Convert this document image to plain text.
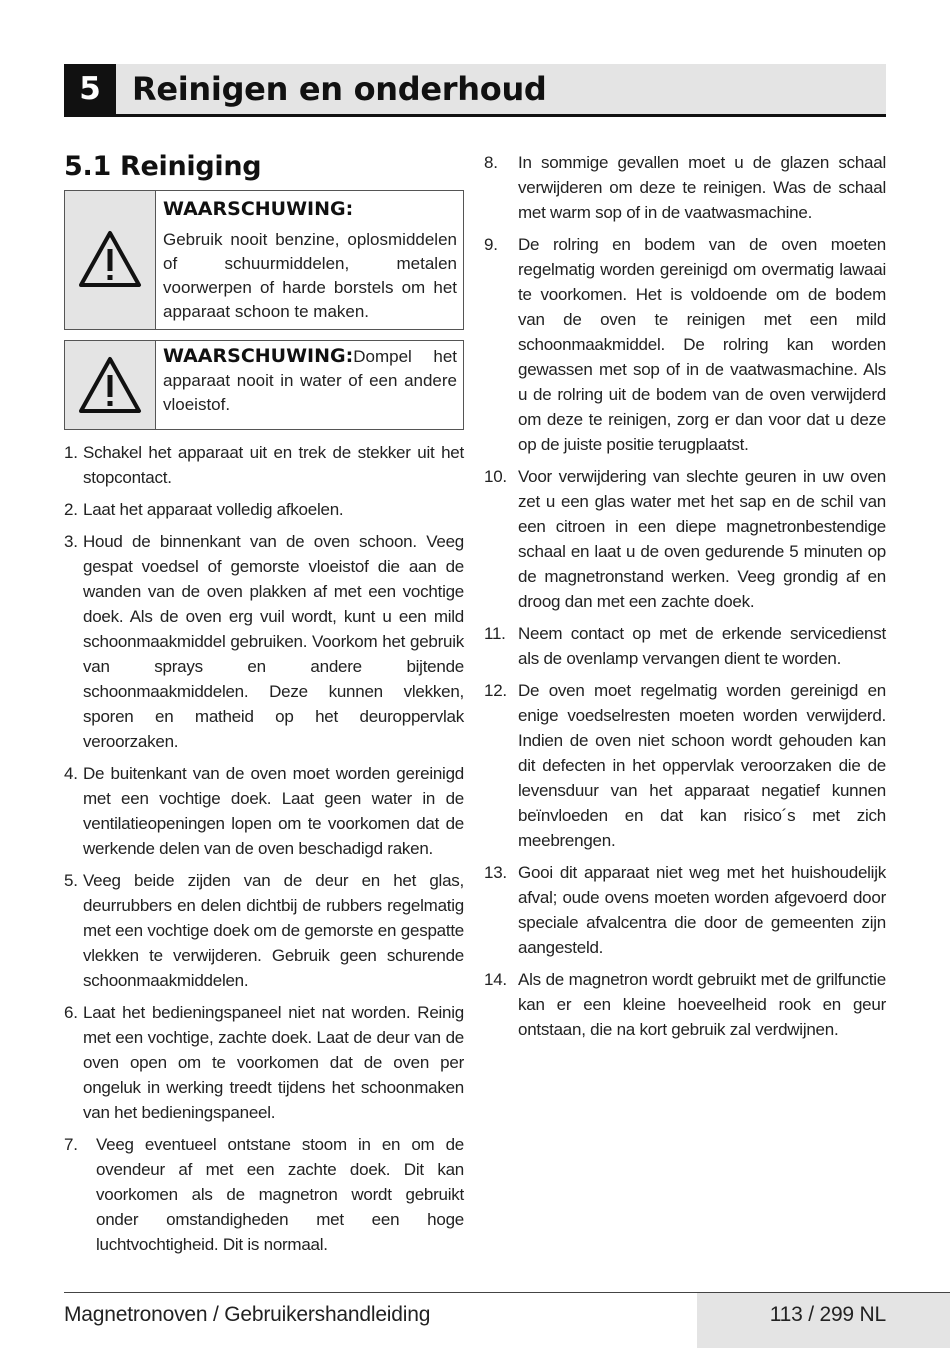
5 Reinigen en onderhoud
5.1 Reiniging
WAARSCHUWING:
Gebruik nooit benzine, oplosmiddelen of schuurmiddelen, metalen voorwerpen of harde borstels om het apparaat schoon te maken.
WAARSCHUWING:Dompel het apparaat nooit in water of een andere vloeistof.
1. Schakel het apparaat uit en trek de stekker uit het stopcontact.
2. Laat het apparaat volledig afkoelen.
3. Houd de binnenkant van de oven schoon. Veeg gespat voedsel of gemorste vloeistof die aan de wanden van de oven plakken af met een vochtige doek. Als de oven erg vuil wordt, kunt u een mild schoonmaakmiddel gebruiken. Voorkom het gebruik van sprays en andere bijtende schoonmaakmiddelen. Deze kunnen vlekken, sporen en matheid op het deuroppervlak veroorzaken.
4. De buitenkant van de oven moet worden gereinigd met een vochtige doek. Laat geen water in de ventilatieopeningen lopen om te voorkomen dat de werkende delen van de oven beschadigd raken.
5. Veeg beide zijden van de deur en het glas, deurrubbers en delen dichtbij de rubbers regelmatig met een vochtige doek om de gemorste en gespatte vlekken te verwijderen. Gebruik geen schurende schoonmaakmiddelen.
6. Laat het bedieningspaneel niet nat worden. Reinig met een vochtige, zachte doek. Laat de deur van de oven open om te voorkomen dat de oven per ongeluk in werking treedt tijdens het schoonmaken van het bedieningspaneel.
7. Veeg eventueel ontstane stoom in en om de ovendeur af met een zachte doek. Dit kan voorkomen als de magnetron wordt gebruikt onder omstandigheden met een hoge luchtvochtigheid. Dit is normaal.
8. In sommige gevallen moet u de glazen schaal verwijderen om deze te reinigen. Was de schaal met warm sop of in de vaatwasmachine.
9. De rolring en bodem van de oven moeten regelmatig worden gereinigd om overmatig lawaai te voorkomen. Het is voldoende om de bodem van de oven te reinigen met een mild schoonmaakmiddel. De rolring kan worden gewassen met sop of in de vaatwasmachine. Als u de rolring uit de bodem van de oven verwijderd om deze te reinigen, zorg er dan voor dat u deze op de juiste positie terugplaatst.
10. Voor verwijdering van slechte geuren in uw oven zet u een glas water met het sap en de schil van een citroen in een diepe magnetronbestendige schaal en laat u de oven gedurende 5 minuten op de magnetronstand werken. Veeg grondig af en droog dan met een zachte doek.
11. Neem contact op met de erkende servicedienst als de ovenlamp vervangen dient te worden.
12. De oven moet regelmatig worden gereinigd en enige voedselresten moeten worden verwijderd. Indien de oven niet schoon wordt gehouden kan dit defecten in het oppervlak veroorzaken die de levensduur van het apparaat negatief kunnen beïnvloeden en dat kan risico´s met zich meebrengen.
13. Gooi dit apparaat niet weg met het huishoudelijk afval; oude ovens moeten worden afgevoerd door speciale afvalcentra die door de gemeenten zijn aangesteld.
14. Als de magnetron wordt gebruikt met de grilfunctie kan er een kleine hoeveelheid rook en geur ontstaan, die na kort gebruik zal verdwijnen.
Magnetronoven / Gebruikershandleiding	113 / 299 NL
